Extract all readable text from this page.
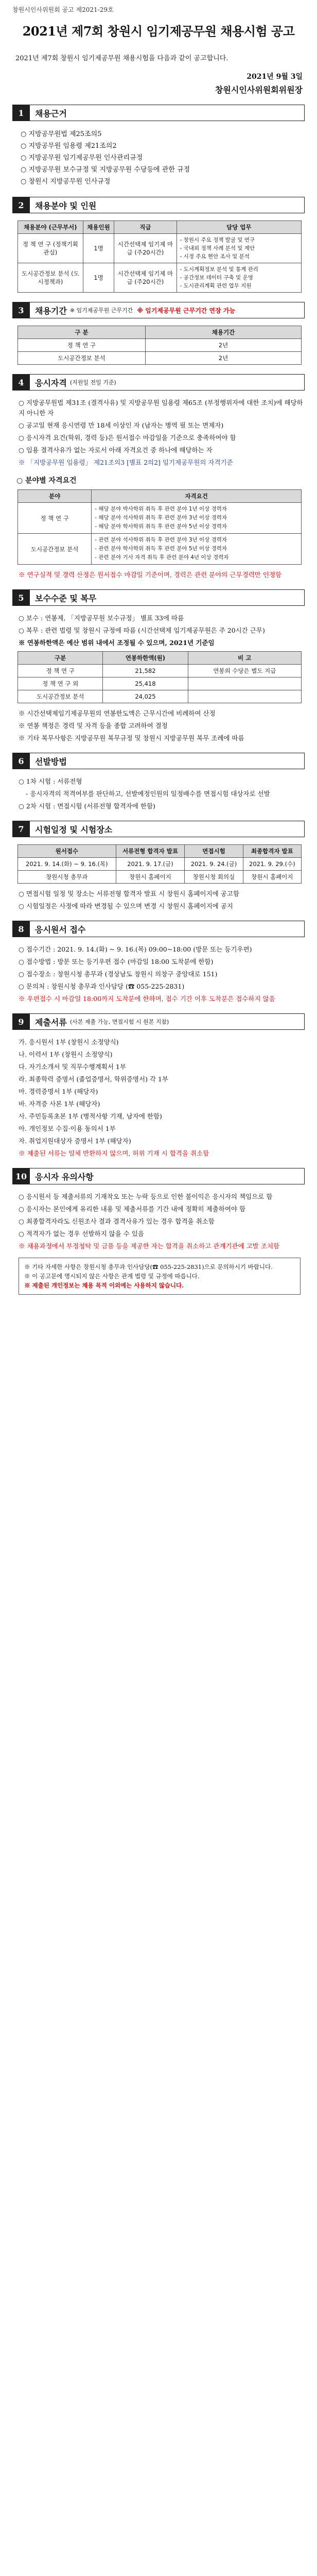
창원시인사위원회 공고 제2021-29호
2021년 제7회 창원시 임기제공무원 채용시험 공고
2021년 제7회 창원시 임기제공무원 채용시험을 다음과 같이 공고합니다.
2021년 9월 3일
창원시인사위원회위원장
1	채용근거
○ 지방공무원법 제25조의5
○ 지방공무원 임용령 제21조의2
○ 지방공무원 임기제공무원 인사관리규정
○ 지방공무원 보수규정 및 지방공무원 수당등에 관한 규정
○ 창원시 지방공무원 인사규정
2	채용분야 및 인원
채용분야 (근무부서)	채용인원	직급	담당 업무
정 책 연 구 (정책기획관실)	1명	시간선택제 임기제 마급 (주20시간)	- 창원시 주요 정책 발굴 및 연구
- 국내외 정책 사례 분석 및 제안
- 시정 주요 현안 조사 및 분석
도시공간정보 분석 (도시정책과)	1명	시간선택제 임기제 마급 (주20시간)	- 도시계획정보 분석 및 통계 관리
- 공간정보 데이터 구축 및 운영
- 도시관리계획 관련 업무 지원
3	채용기간 ※ 임기제공무원 근무기간 ※ 임기제공무원 근무기간 연장 가능
구 분	채용기간
정 책 연 구	2년
도시공간정보 분석	2년
4	응시자격 (지원일 전일 기준)
○ 지방공무원법 제31조 (결격사유) 및 지방공무원 임용령 제65조 (부정행위자에 대한 조치)에 해당하지 아니한 자
○ 공고일 현재 응시연령 만 18세 이상인 자 (남자는 병역 필 또는 면제자)
○ 응시자격 요건(학위, 경력 등)은 원서접수 마감일을 기준으로 충족하여야 함
○ 임용 결격사유가 없는 자로서 아래 자격요건 중 하나에 해당하는 자
※ 「지방공무원 임용령」 제21조의3 [별표 2의2] 임기제공무원의 자격기준
○ 분야별 자격요건
분야	자격요건
정 책 연 구	- 해당 분야 박사학위 취득 후 관련 분야 1년 이상 경력자
- 해당 분야 석사학위 취득 후 관련 분야 3년 이상 경력자
- 해당 분야 학사학위 취득 후 관련 분야 5년 이상 경력자
도시공간정보 분석	- 관련 분야 석사학위 취득 후 관련 분야 3년 이상 경력자
- 관련 분야 학사학위 취득 후 관련 분야 5년 이상 경력자
- 관련 분야 기사 자격 취득 후 관련 분야 4년 이상 경력자
※ 연구실적 및 경력 산정은 원서접수 마감일 기준이며, 경력은 관련 분야의 근무경력만 인정함
5	보수수준 및 복무
○ 보수 : 연봉제, 「지방공무원 보수규정」 별표 33에 따름
○ 복무 : 관련 법령 및 창원시 규정에 따름 (시간선택제 임기제공무원은 주 20시간 근무)
※ 연봉하한액은 예산 범위 내에서 조정될 수 있으며, 2021년 기준임
구분	연봉하한액(원)	비 고
정 책 연 구	21,582	연봉외 수당은 별도 지급
정 책 연 구 외	25,418	
도시공간정보 분석	24,025	
※ 시간선택제임기제공무원의 연봉한도액은 근무시간에 비례하여 산정
※ 연봉 책정은 경력 및 자격 등을 종합 고려하여 결정
※ 기타 복무사항은 지방공무원 복무규정 및 창원시 지방공무원 복무 조례에 따름
6	선발방법
○ 1차 시험 : 서류전형
- 응시자격의 적격여부를 판단하고, 선발예정인원의 일정배수를 면접시험 대상자로 선발
○ 2차 시험 : 면접시험 (서류전형 합격자에 한함)
7	시험일정 및 시험장소
원서접수	서류전형 합격자 발표	면접시험	최종합격자 발표
2021. 9. 14.(화) ~ 9. 16.(목)	2021. 9. 17.(금)	2021. 9. 24.(금)	2021. 9. 29.(수)
창원시청 총무과	창원시 홈페이지	창원시청 회의실	창원시 홈페이지
○ 면접시험 일정 및 장소는 서류전형 합격자 발표 시 창원시 홈페이지에 공고함
○ 시험일정은 사정에 따라 변경될 수 있으며 변경 시 창원시 홈페이지에 공지
8	응시원서 접수
○ 접수기간 : 2021. 9. 14.(화) ~ 9. 16.(목) 09:00~18:00 (방문 또는 등기우편)
○ 접수방법 : 방문 또는 등기우편 접수 (마감일 18:00 도착분에 한함)
○ 접수장소 : 창원시청 총무과 (경상남도 창원시 의창구 중앙대로 151)
○ 문의처 : 창원시청 총무과 인사담당 (☎ 055-225-2831)
※ 우편접수 시 마감일 18:00까지 도착분에 한하며, 접수 기간 이후 도착분은 접수하지 않음
9	제출서류 (사본 제출 가능, 면접시험 시 원본 지참)
가. 응시원서 1부 (창원시 소정양식)
나. 이력서 1부 (창원시 소정양식)
다. 자기소개서 및 직무수행계획서 1부
라. 최종학력 증명서 (졸업증명서, 학위증명서) 각 1부
마. 경력증명서 1부 (해당자)
바. 자격증 사본 1부 (해당자)
사. 주민등록초본 1부 (병적사항 기재, 남자에 한함)
아. 개인정보 수집·이용 동의서 1부
자. 취업지원대상자 증명서 1부 (해당자)
※ 제출된 서류는 일체 반환하지 않으며, 허위 기재 시 합격을 취소함
10 응시자 유의사항
○ 응시원서 등 제출서류의 기재착오 또는 누락 등으로 인한 불이익은 응시자의 책임으로 함
○ 응시자는 본인에게 유리한 내용 및 제출서류를 기간 내에 정확히 제출하여야 함
○ 최종합격자라도 신원조사 결과 결격사유가 있는 경우 합격을 취소함
○ 적격자가 없는 경우 선발하지 않을 수 있음
※ 채용과정에서 부정청탁 및 금품 등을 제공한 자는 합격을 취소하고 관계기관에 고발 조치함
※ 기타 자세한 사항은 창원시청 총무과 인사담당(☎ 055-225-2831)으로 문의하시기 바랍니다.
※ 이 공고문에 명시되지 않은 사항은 관계 법령 및 규정에 따릅니다.
※ 제출된 개인정보는 채용 목적 이외에는 사용하지 않습니다.
